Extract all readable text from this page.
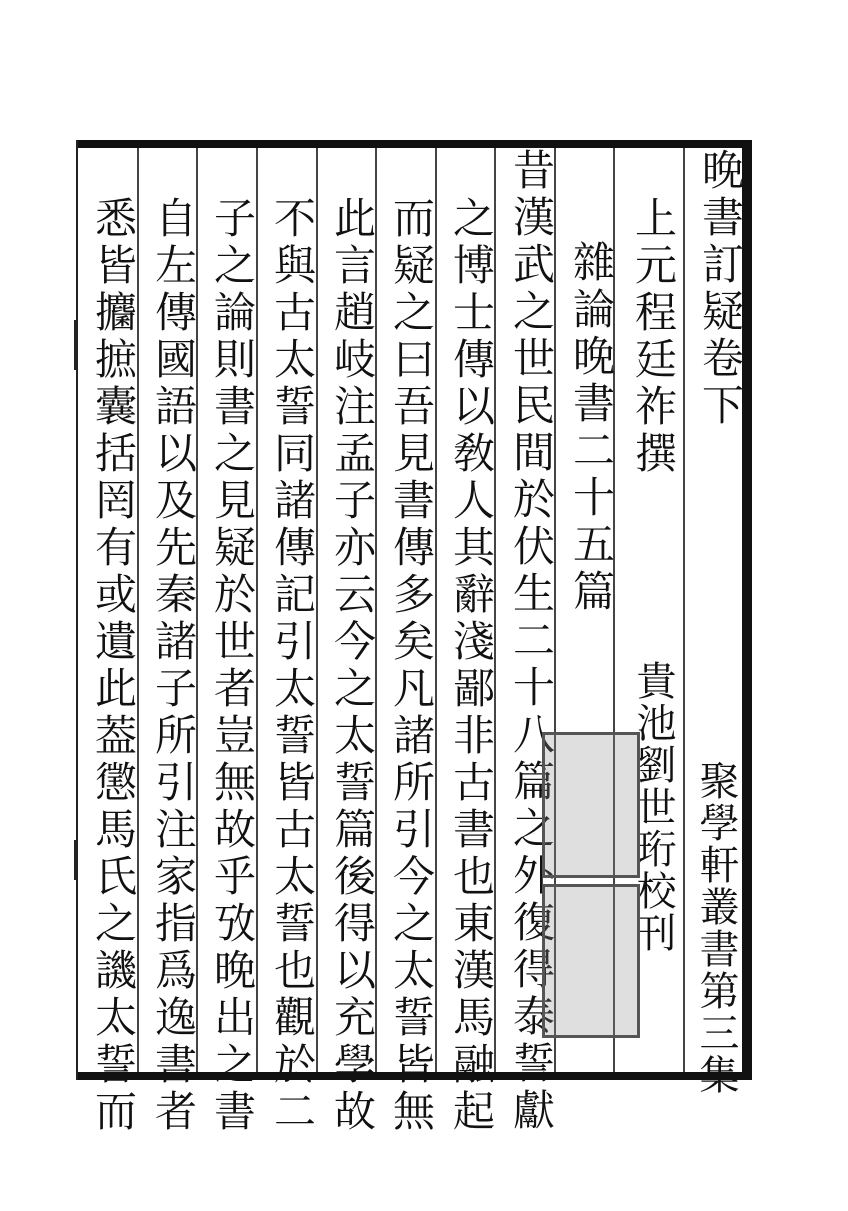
晚書訂疑卷下
聚學軒叢書第三集
上元程廷祚撰
貴池劉世珩校刊
雜論晚書二十五篇
昔漢武之世民間於伏生二十八篇之外復得泰誓獻
之博士傳以敎人其辭淺鄙非古書也東漢馬融起
而疑之曰吾見書傳多矣凡諸所引今之太誓皆無
此言趙岐注孟子亦云今之太誓篇後得以充學故
不與古太誓同諸傳記引太誓皆古太誓也觀於二
子之論則書之見疑於世者豈無故乎攷晚出之書
自左傳國語以及先秦諸子所引注家指爲逸書者
悉皆攟摭囊括罔有或遺此葢懲馬氏之譏太誓而
